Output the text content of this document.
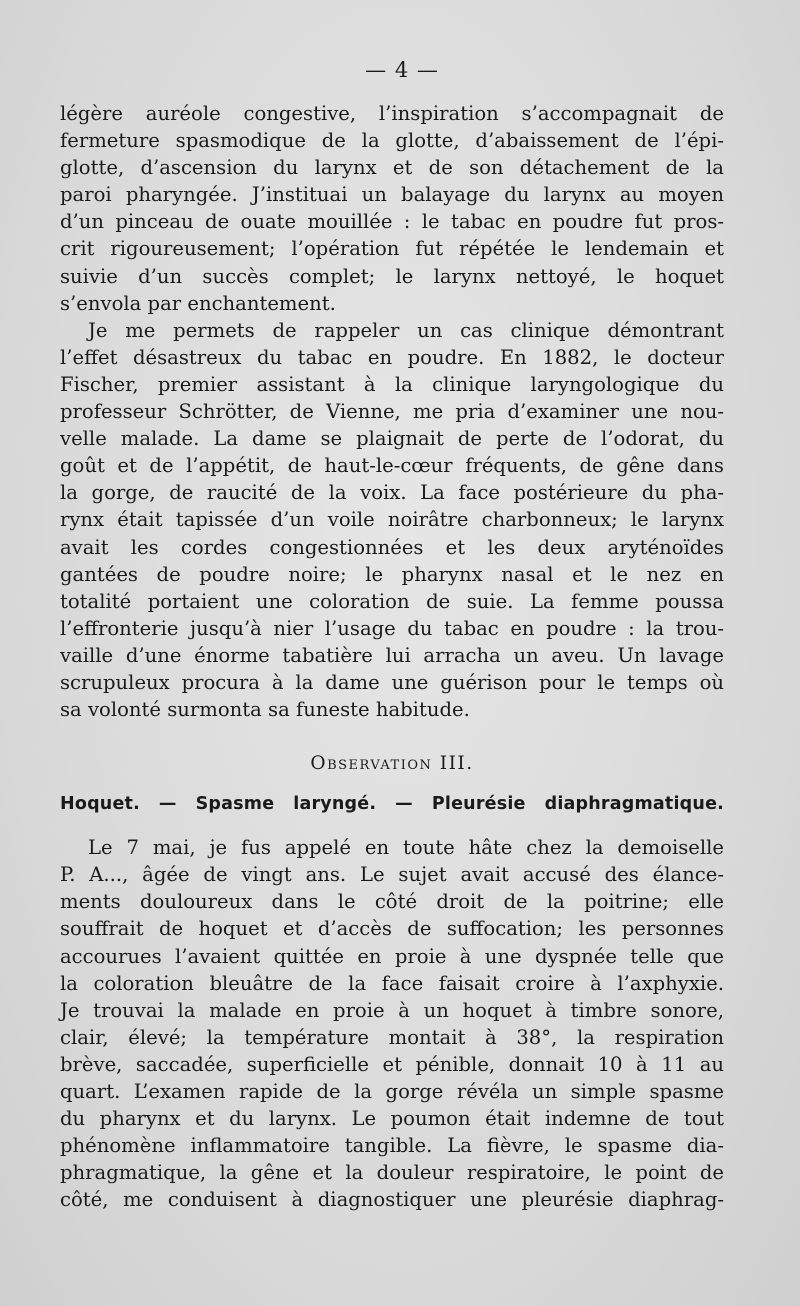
— 4 —
légère auréole congestive, l’inspiration s’accompagnait de
fermeture spasmodique de la glotte, d’abaissement de l’épi-
glotte, d’ascension du larynx et de son détachement de la
paroi pharyngée. J’instituai un balayage du larynx au moyen
d’un pinceau de ouate mouillée : le tabac en poudre fut pros-
crit rigoureusement; l’opération fut répétée le lendemain et
suivie d’un succès complet; le larynx nettoyé, le hoquet
s’envola par enchantement.
Je me permets de rappeler un cas clinique démontrant
l’effet désastreux du tabac en poudre. En 1882, le docteur
Fischer, premier assistant à la clinique laryngologique du
professeur Schrötter, de Vienne, me pria d’examiner une nou-
velle malade. La dame se plaignait de perte de l’odorat, du
goût et de l’appétit, de haut-le-cœur fréquents, de gêne dans
la gorge, de raucité de la voix. La face postérieure du pha-
rynx était tapissée d’un voile noirâtre charbonneux; le larynx
avait les cordes congestionnées et les deux aryténoïdes
gantées de poudre noire; le pharynx nasal et le nez en
totalité portaient une coloration de suie. La femme poussa
l’effronterie jusqu’à nier l’usage du tabac en poudre : la trou-
vaille d’une énorme tabatière lui arracha un aveu. Un lavage
scrupuleux procura à la dame une guérison pour le temps où
sa volonté surmonta sa funeste habitude.
Observation III.
Hoquet. — Spasme laryngé. — Pleurésie diaphragmatique.
Le 7 mai, je fus appelé en toute hâte chez la demoiselle
P. A..., âgée de vingt ans. Le sujet avait accusé des élance-
ments douloureux dans le côté droit de la poitrine; elle
souffrait de hoquet et d’accès de suffocation; les personnes
accourues l’avaient quittée en proie à une dyspnée telle que
la coloration bleuâtre de la face faisait croire à l’axphyxie.
Je trouvai la malade en proie à un hoquet à timbre sonore,
clair, élevé; la température montait à 38°, la respiration
brève, saccadée, superficielle et pénible, donnait 10 à 11 au
quart. L’examen rapide de la gorge révéla un simple spasme
du pharynx et du larynx. Le poumon était indemne de tout
phénomène inflammatoire tangible. La fièvre, le spasme dia-
phragmatique, la gêne et la douleur respiratoire, le point de
côté, me conduisent à diagnostiquer une pleurésie diaphrag-
